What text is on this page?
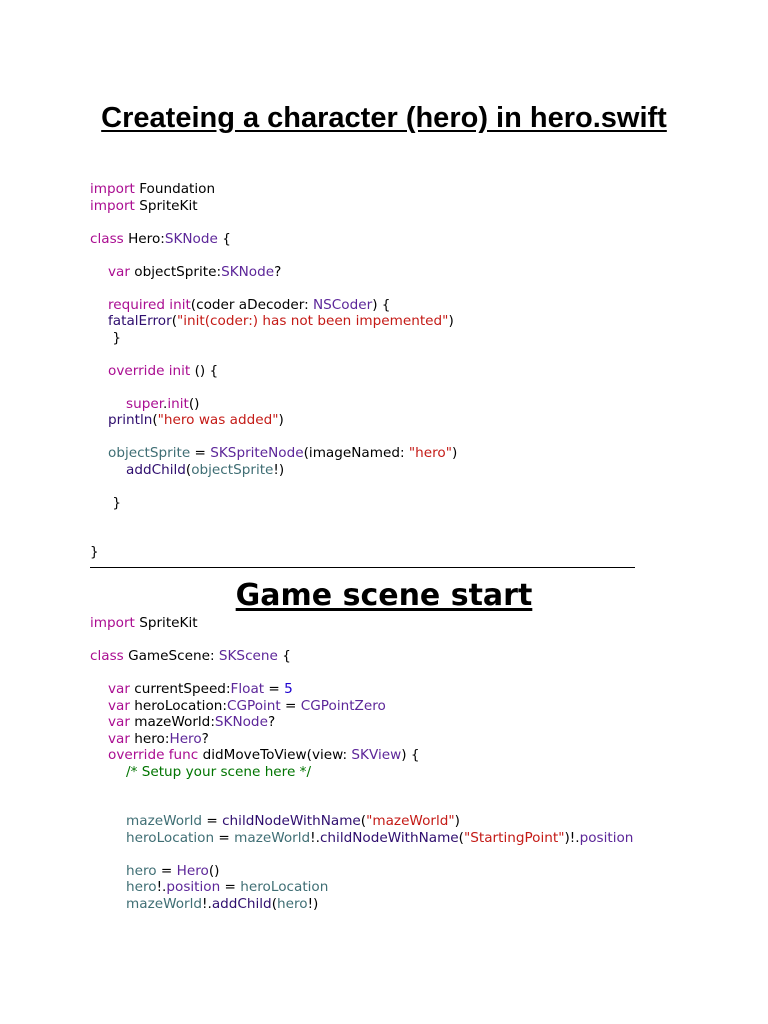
Createing a character (hero) in hero.swift
import Foundation
import SpriteKit
class Hero:SKNode {
var objectSprite:SKNode?
required init(coder aDecoder: NSCoder) {
fatalError("init(coder:) has not been impemented")
}
override init () {
super.init()
println("hero was added")
objectSprite = SKSpriteNode(imageNamed: "hero")
addChild(objectSprite!)
}
}
Game scene start
import SpriteKit
class GameScene: SKScene {
var currentSpeed:Float = 5
var heroLocation:CGPoint = CGPointZero
var mazeWorld:SKNode?
var hero:Hero?
override func didMoveToView(view: SKView) {
/* Setup your scene here */
mazeWorld = childNodeWithName("mazeWorld")
heroLocation = mazeWorld!.childNodeWithName("StartingPoint")!.position
hero = Hero()
hero!.position = heroLocation
mazeWorld!.addChild(hero!)
